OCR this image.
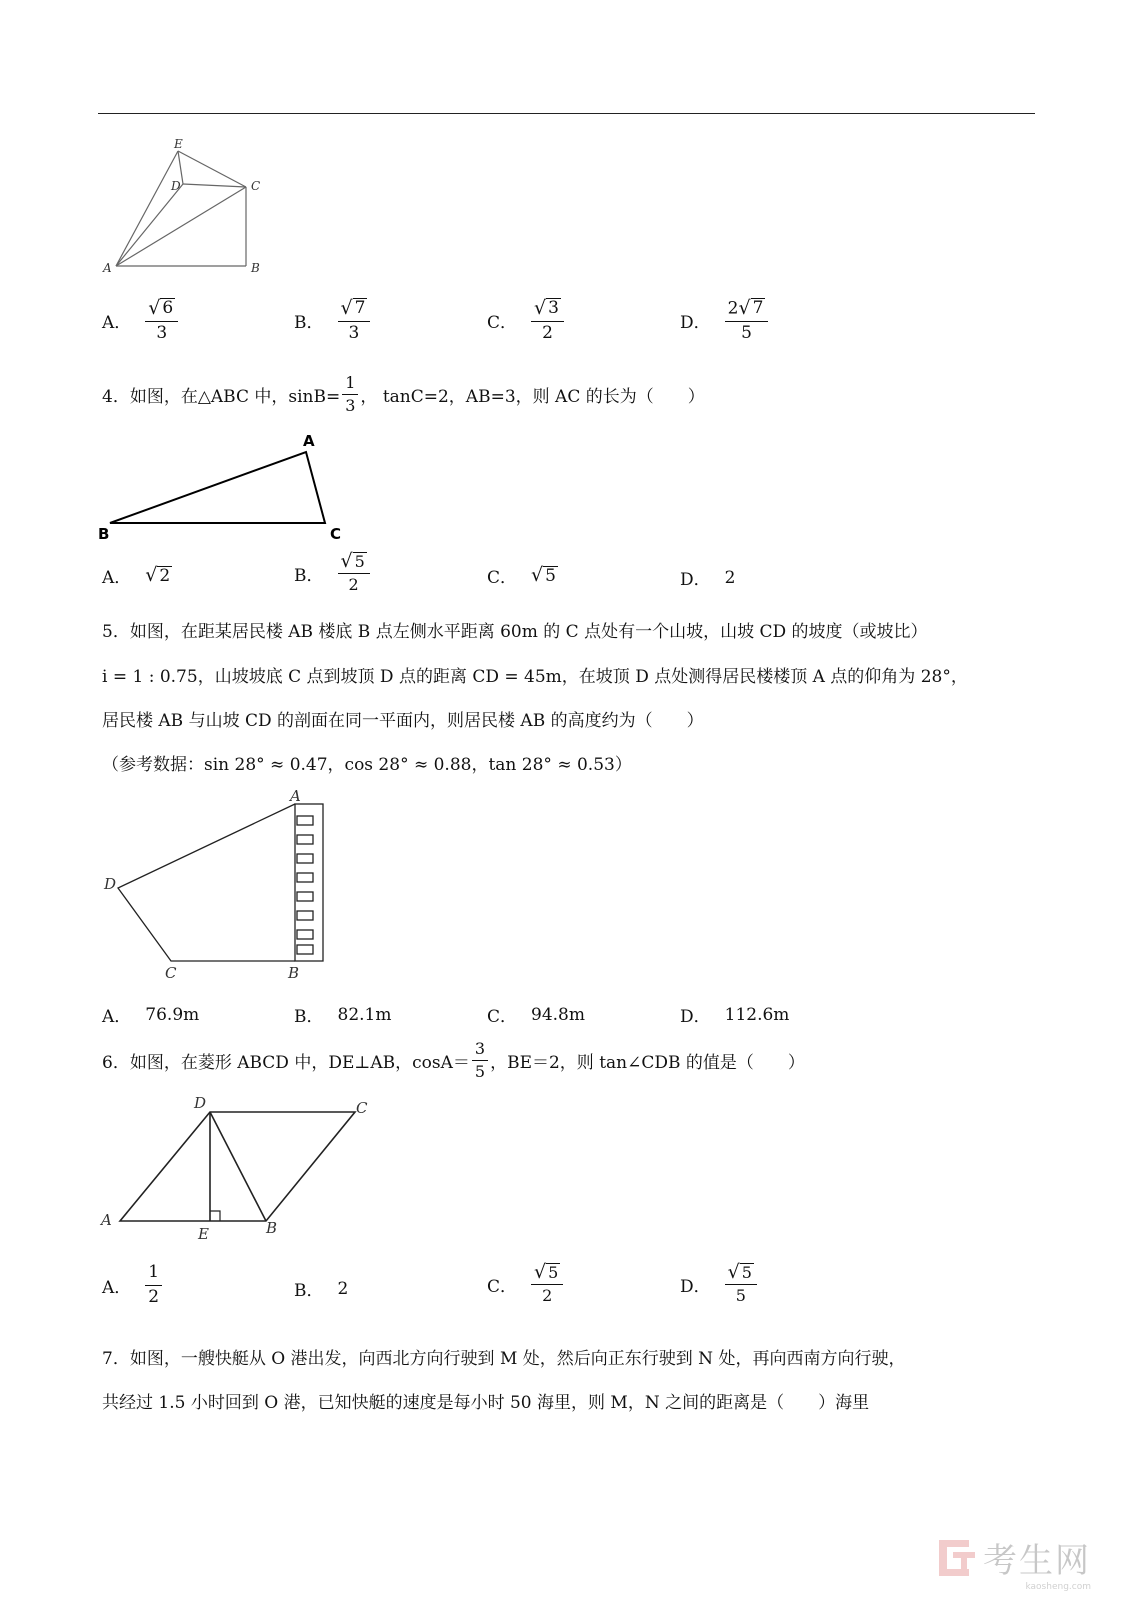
E
D	C
A	B
A． $\frac{√ 6}{3}$	B． $\frac{√ 7}{3}$	C． $\frac{√ 3}{2}$	D． $\frac{2 √ 7}{5}$
4．如图，在△ABC 中，$\sin B= \frac{1}{3}$ ， tanC=2，AB=3，则 AC 的长为（　　）
A
B	C
A． √ 2	B． $\frac{√ 5}{2}$	C． √ 5	D． 2
5．如图，在距某居民楼 AB 楼底 B 点左侧水平距离 60m 的 C 点处有一个山坡，山坡 CD 的坡度（或坡比）
i = 1 : 0.75，山坡坡底 C 点到坡顶 D 点的距离 CD = 45m，在坡顶 D 点处测得居民楼楼顶 A 点的仰角为 28°，
居民楼 AB 与山坡 CD 的剖面在同一平面内，则居民楼 AB 的高度约为（　　）
（参考数据：sin 28° ≈ 0.47，cos 28° ≈ 0.88，tan 28° ≈ 0.53）
A
D
C	B
A． 76.9m	B． 82.1m	C． 94.8m	D． 112.6m
6．如图，在菱形 ABCD 中，DE⊥AB，$\cos A= \frac{3}{5}$ ，BE＝2，则 tan∠CDB 的值是（　　）
D	C
A
E	B
A． $\frac{1}{2}$	B． 2	C． $\frac{√ 5}{2}$	D． $\frac{√ 5}{5}$
7．如图，一艘快艇从 O 港出发，向西北方向行驶到 M 处，然后向正东行驶到 N 处，再向西南方向行驶，
共经过 1.5 小时回到 O 港，已知快艇的速度是每小时 50 海里，则 M，N 之间的距离是（　　）海里
考生网
kaosheng.com
